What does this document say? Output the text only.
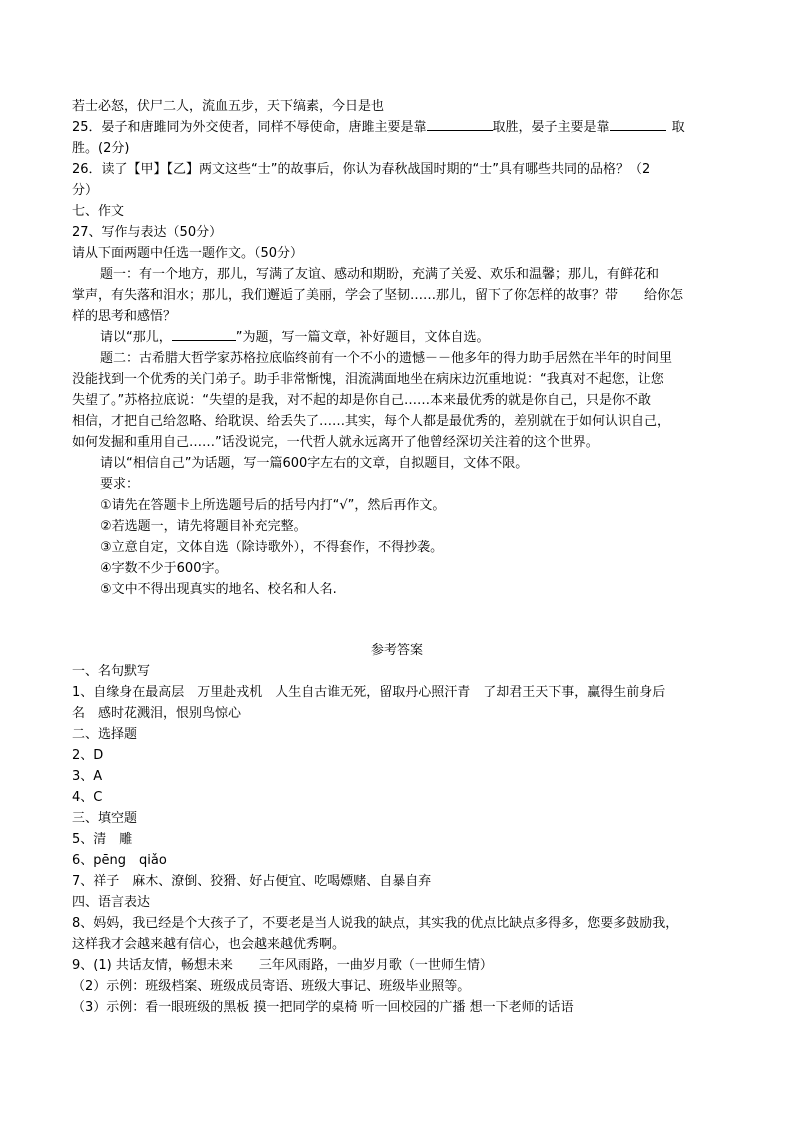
若士必怒，伏尸二人，流血五步，天下缟素，今日是也
25．晏子和唐雎同为外交使者，同样不辱使命，唐雎主要是靠	取胜，晏子主要是靠	取
胜。(2分)
26．读了【甲】【乙】两文这些“士”的故事后，你认为春秋战国时期的“士”具有哪些共同的品格？（2
分）
七、作文
27、写作与表达（50分）
请从下面两题中任选一题作文。（50分）
题一：有一个地方，那儿，写满了友谊、感动和期盼，充满了关爱、欢乐和温馨；那儿，有鲜花和
掌声，有失落和泪水；那儿，我们邂逅了美丽，学会了坚韧……那儿，留下了你怎样的故事？带　　给你怎
样的思考和感悟？
请以“那儿，	”为题，写一篇文章，补好题目，文体自选。
题二：古希腊大哲学家苏格拉底临终前有一个不小的遗憾－－他多年的得力助手居然在半年的时间里
没能找到一个优秀的关门弟子。助手非常惭愧，泪流满面地坐在病床边沉重地说：“我真对不起您，让您
失望了。”苏格拉底说：“失望的是我，对不起的却是你自己……本来最优秀的就是你自己，只是你不敢
相信，才把自己给忽略、给耽误、给丢失了……其实，每个人都是最优秀的，差别就在于如何认识自己，
如何发掘和重用自己……”话没说完，一代哲人就永远离开了他曾经深切关注着的这个世界。
请以“相信自己”为话题，写一篇600字左右的文章，自拟题目，文体不限。
要求：
①请先在答题卡上所选题号后的括号内打“√”，然后再作文。
②若选题一，请先将题目补充完整。
③立意自定，文体自选（除诗歌外），不得套作，不得抄袭。
④字数不少于600字。
⑤文中不得出现真实的地名、校名和人名.
参考答案
一、名句默写
1、自缘身在最高层　万里赴戎机　人生自古谁无死，留取丹心照汗青　了却君王天下事，赢得生前身后
名　感时花溅泪，恨别鸟惊心
二、选择题
2、D
3、A
4、C
三、填空题
5、清　雕
6、pēng　qiǎo
7、祥子　麻木、潦倒、狡猾、好占便宜、吃喝嫖赌、自暴自弃
四、语言表达
8、妈妈，我已经是个大孩子了，不要老是当人说我的缺点，其实我的优点比缺点多得多，您要多鼓励我，
这样我才会越来越有信心，也会越来越优秀啊。
9、(1) 共话友情，畅想未来　　三年风雨路，一曲岁月歌（一世师生情）
（2）示例：班级档案、班级成员寄语、班级大事记、班级毕业照等。
（3）示例：看一眼班级的黑板 摸一把同学的桌椅 听一回校园的广播 想一下老师的话语
